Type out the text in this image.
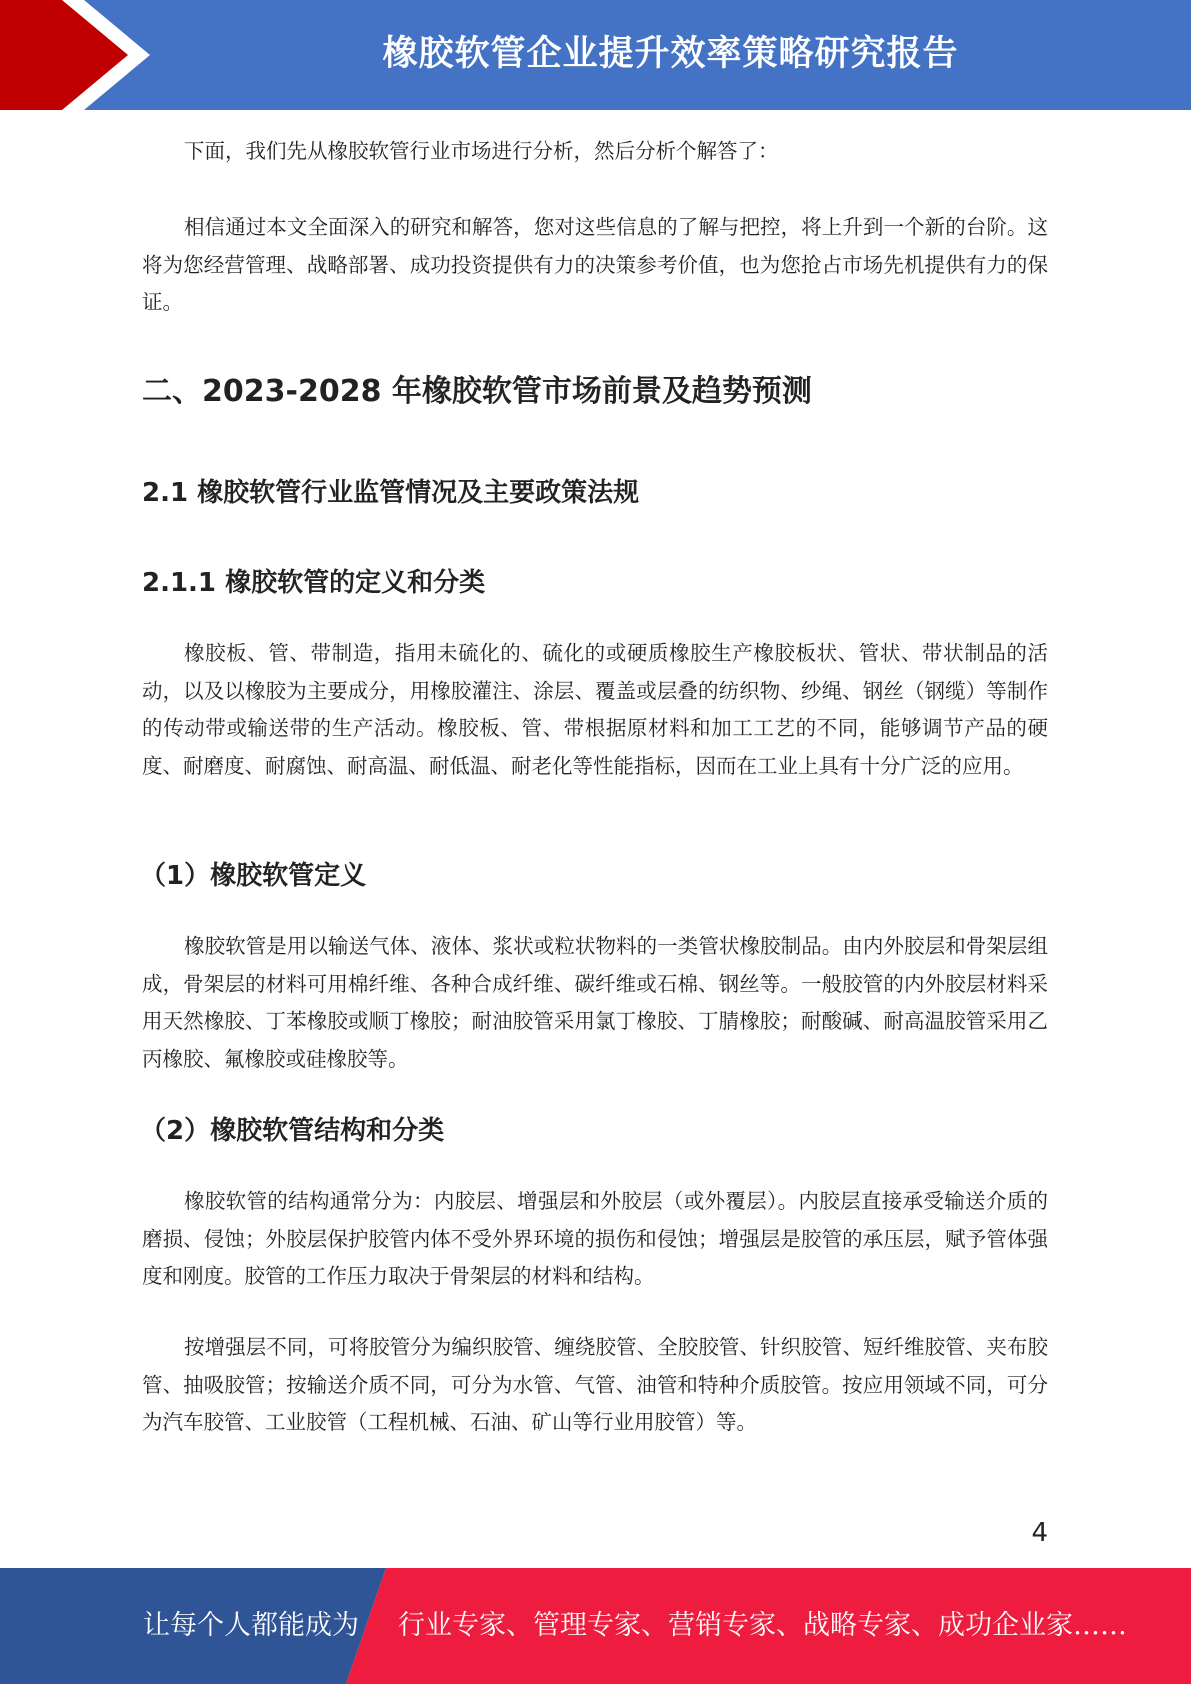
橡胶软管企业提升效率策略研究报告

下面，我们先从橡胶软管行业市场进行分析，然后分析个解答了：

相信通过本文全面深入的研究和解答，您对这些信息的了解与把控，将上升到一个新的台阶。这将为您经营管理、战略部署、成功投资提供有力的决策参考价值，也为您抢占市场先机提供有力的保证。

二、2023-2028 年橡胶软管市场前景及趋势预测
2.1 橡胶软管行业监管情况及主要政策法规
2.1.1 橡胶软管的定义和分类

橡胶板、管、带制造，指用未硫化的、硫化的或硬质橡胶生产橡胶板状、管状、带状制品的活动，以及以橡胶为主要成分，用橡胶灌注、涂层、覆盖或层叠的纺织物、纱绳、钢丝（钢缆）等制作的传动带或输送带的生产活动。橡胶板、管、带根据原材料和加工工艺的不同，能够调节产品的硬度、耐磨度、耐腐蚀、耐高温、耐低温、耐老化等性能指标，因而在工业上具有十分广泛的应用。

（1）橡胶软管定义

橡胶软管是用以输送气体、液体、浆状或粒状物料的一类管状橡胶制品。由内外胶层和骨架层组成，骨架层的材料可用棉纤维、各种合成纤维、碳纤维或石棉、钢丝等。一般胶管的内外胶层材料采用天然橡胶、丁苯橡胶或顺丁橡胶；耐油胶管采用氯丁橡胶、丁腈橡胶；耐酸碱、耐高温胶管采用乙丙橡胶、氟橡胶或硅橡胶等。

（2）橡胶软管结构和分类

橡胶软管的结构通常分为：内胶层、增强层和外胶层（或外覆层）。内胶层直接承受输送介质的磨损、侵蚀；外胶层保护胶管内体不受外界环境的损伤和侵蚀；增强层是胶管的承压层，赋予管体强度和刚度。胶管的工作压力取决于骨架层的材料和结构。

按增强层不同，可将胶管分为编织胶管、缠绕胶管、全胶胶管、针织胶管、短纤维胶管、夹布胶管、抽吸胶管；按输送介质不同，可分为水管、气管、油管和特种介质胶管。按应用领域不同，可分为汽车胶管、工业胶管（工程机械、石油、矿山等行业用胶管）等。

4
让每个人都能成为 行业专家、管理专家、营销专家、战略专家、成功企业家……
